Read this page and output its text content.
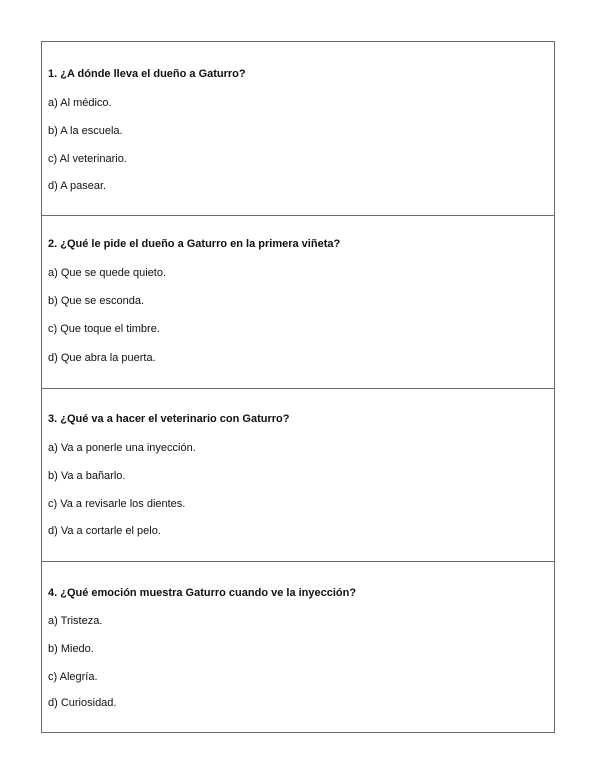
1. ¿A dónde lleva el dueño a Gaturro?
a) Al médico.
b) A la escuela.
c) Al veterinario.
d) A pasear.
2. ¿Qué le pide el dueño a Gaturro en la primera viñeta?
a) Que se quede quieto.
b) Que se esconda.
c) Que toque el timbre.
d) Que abra la puerta.
3. ¿Qué va a hacer el veterinario con Gaturro?
a) Va a ponerle una inyección.
b) Va a bañarlo.
c) Va a revisarle los dientes.
d) Va a cortarle el pelo.
4. ¿Qué emoción muestra Gaturro cuando ve la inyección?
a) Tristeza.
b) Miedo.
c) Alegría.
d) Curiosidad.
